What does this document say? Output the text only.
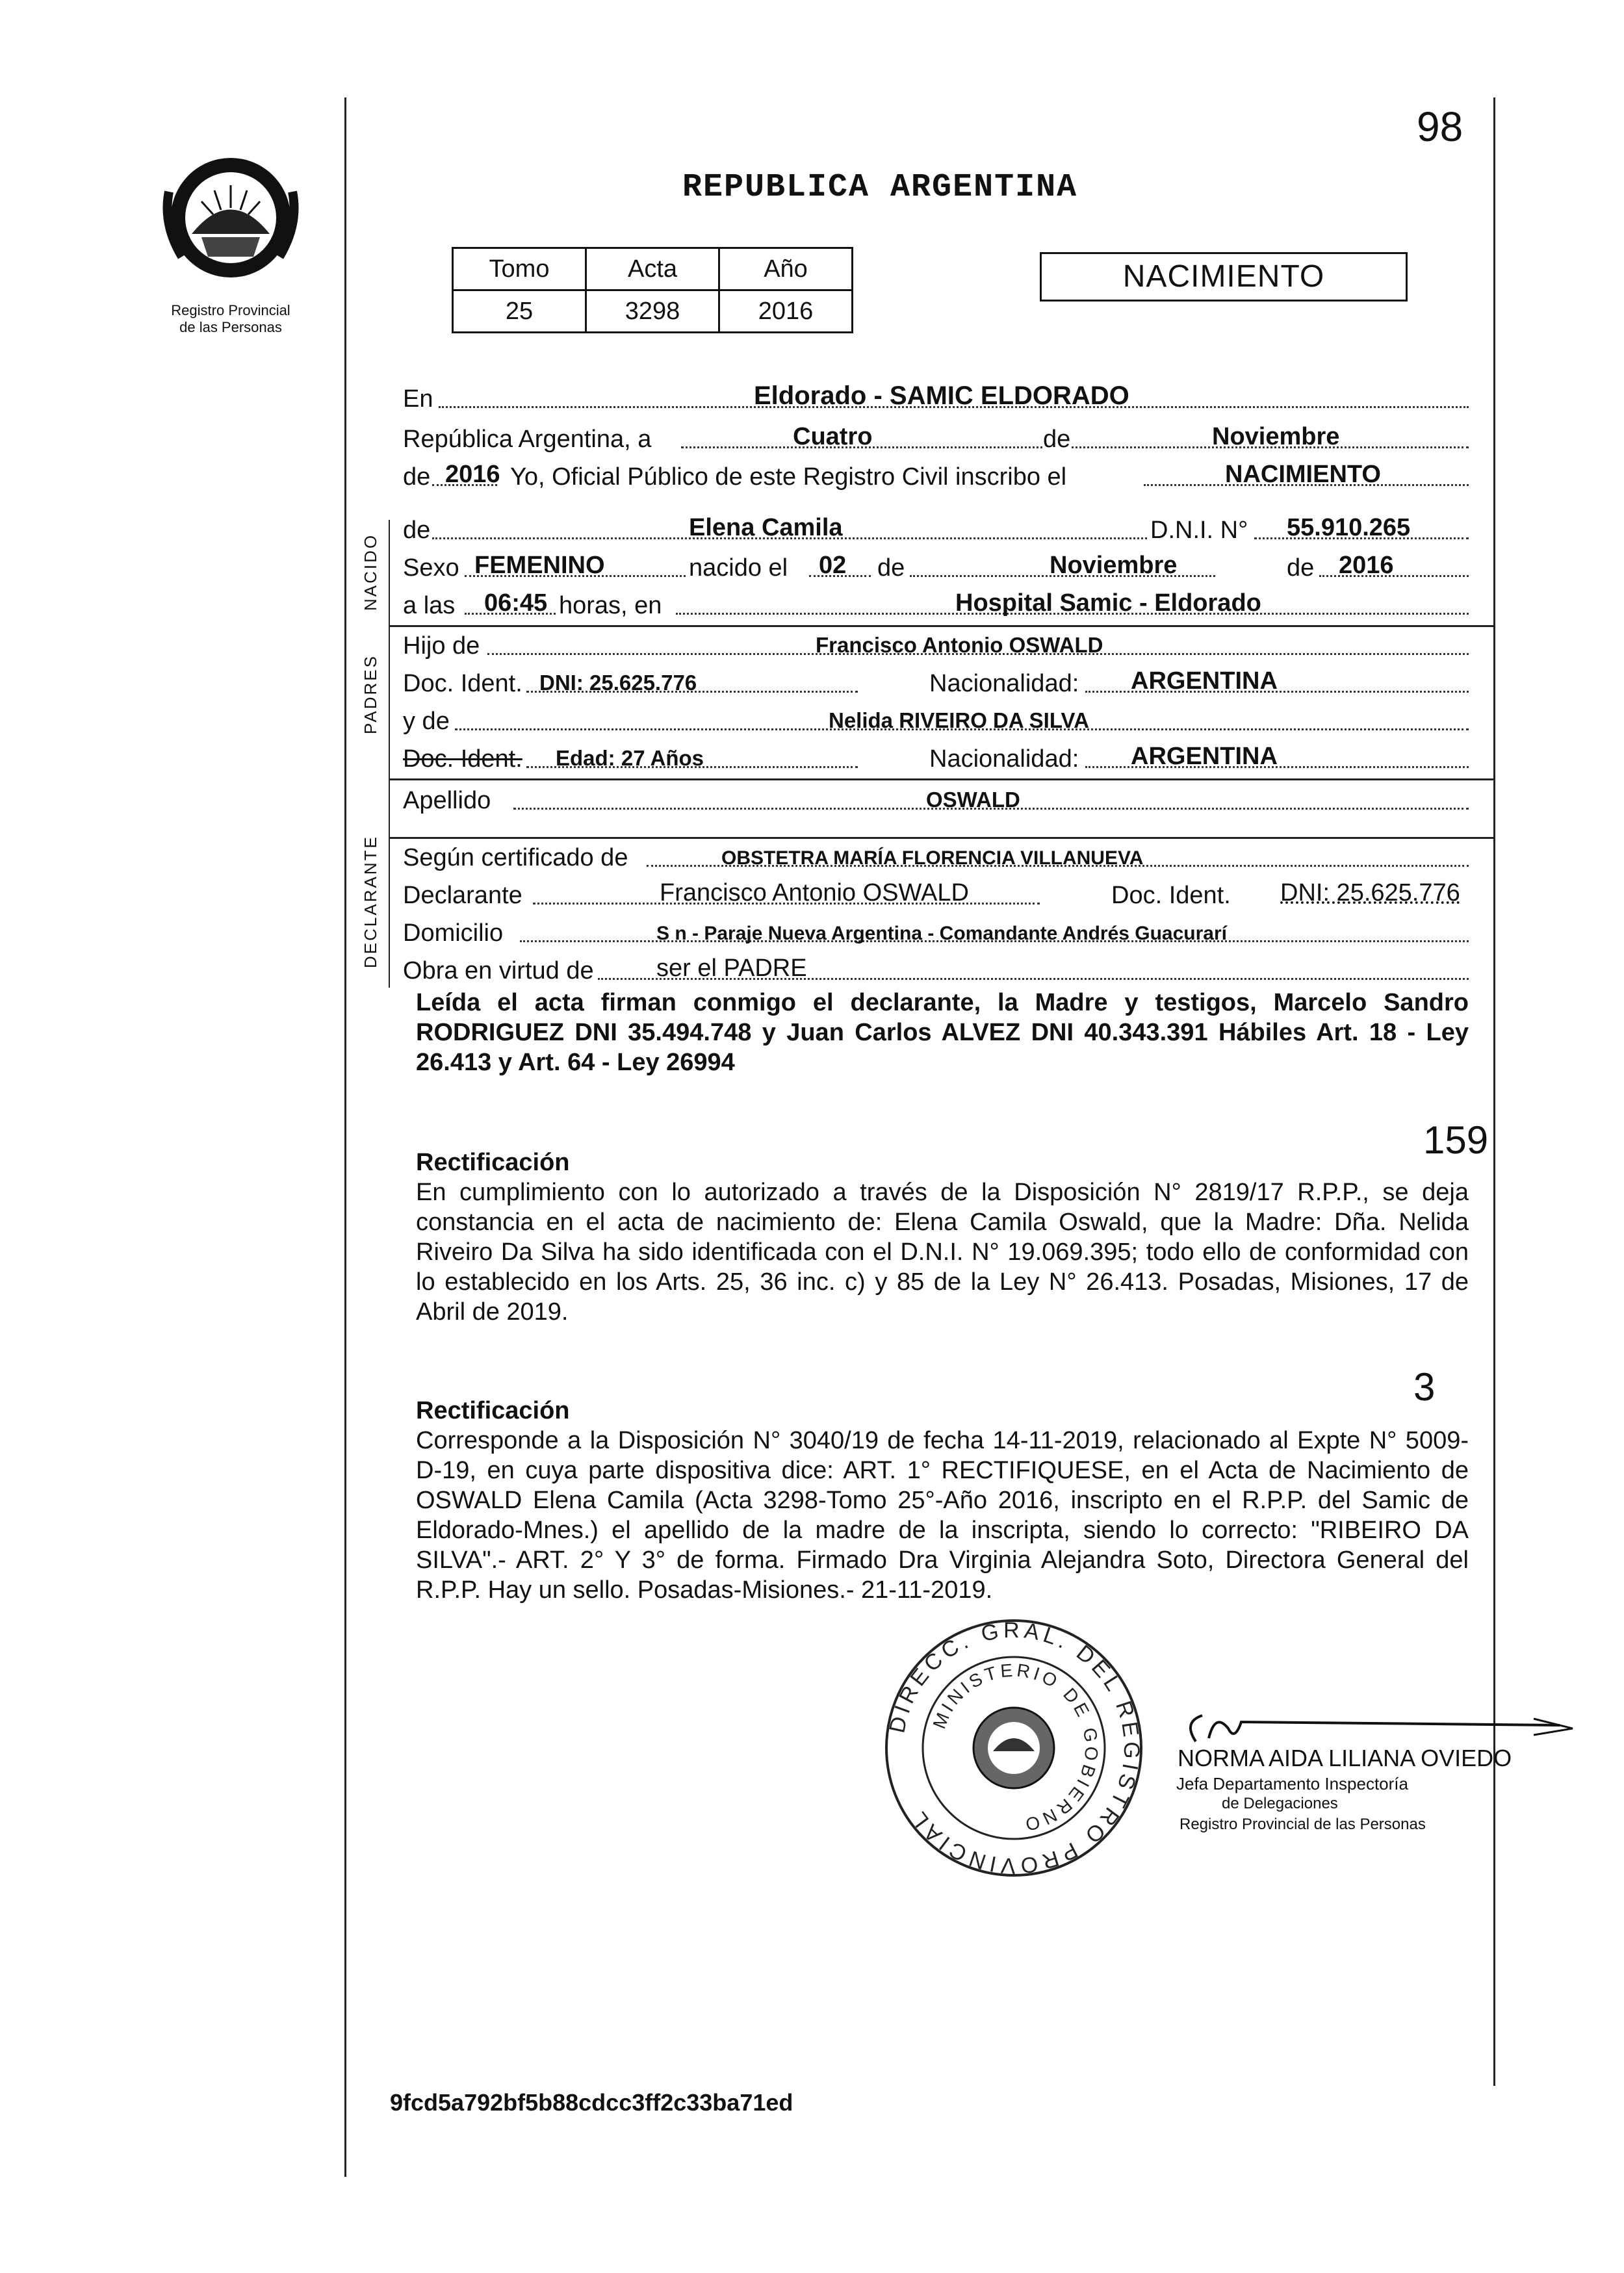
Registro Provincial
de las Personas
98
REPUBLICA ARGENTINA
Tomo	Acta	Año
25	3298	2016
NACIMIENTO
NACIDO
PADRES
DECLARANTE
En	Eldorado - SAMIC ELDORADO
República Argentina, a	Cuatro	de	Noviembre
de 2016 Yo, Oficial Público de este Registro Civil inscribo el	NACIMIENTO
de	Elena Camila	D.N.I. N° 55.910.265
Sexo FEMENINO	nacido el 02 de	Noviembre	de 2016
a las 06:45 horas, en	Hospital Samic - Eldorado
Hijo de	Francisco Antonio OSWALD
Doc. Ident. DNI: 25.625.776	Nacionalidad: ARGENTINA
y de	Nelida RIVEIRO DA SILVA
Doc. Ident. Edad: 27 Años	Nacionalidad: ARGENTINA
Apellido	OSWALD
Según certificado de	OBSTETRA MARÍA FLORENCIA VILLANUEVA
Declarante	Francisco Antonio OSWALD	Doc. Ident. DNI: 25.625.776
Domicilio	S n - Paraje Nueva Argentina - Comandante Andrés Guacurarí
Obra en virtud de	ser el PADRE
Leída el acta firman conmigo el declarante, la Madre y testigos, Marcelo Sandro RODRIGUEZ DNI 35.494.748 y Juan Carlos ALVEZ DNI 40.343.391 Hábiles Art. 18 - Ley 26.413 y Art. 64 - Ley 26994
159
Rectificación
En cumplimiento con lo autorizado a través de la Disposición N° 2819/17 R.P.P., se deja constancia en el acta de nacimiento de: Elena Camila Oswald, que la Madre: Dña. Nelida Riveiro Da Silva ha sido identificada con el D.N.I. N° 19.069.395; todo ello de conformidad con lo establecido en los Arts. 25, 36 inc. c) y 85 de la Ley N° 26.413. Posadas, Misiones, 17 de Abril de 2019.
3
Rectificación
Corresponde a la Disposición N° 3040/19 de fecha 14-11-2019, relacionado al Expte N° 5009-D-19, en cuya parte dispositiva dice: ART. 1° RECTIFIQUESE, en el Acta de Nacimiento de OSWALD Elena Camila (Acta 3298-Tomo 25°-Año 2016, inscripto en el R.P.P. del Samic de Eldorado-Mnes.) el apellido de la madre de la inscripta, siendo lo correcto: "RIBEIRO DA SILVA".- ART. 2° Y 3° de forma. Firmado Dra Virginia Alejandra Soto, Directora General del R.P.P. Hay un sello. Posadas-Misiones.- 21-11-2019.
DIRECC. GRAL. DEL REGISTRO PROVINCIAL
MINISTERIO DE GOBIERNO
NORMA AIDA LILIANA OVIEDO
Jefa Departamento Inspectoría
de Delegaciones
Registro Provincial de las Personas
9fcd5a792bf5b88cdcc3ff2c33ba71ed
